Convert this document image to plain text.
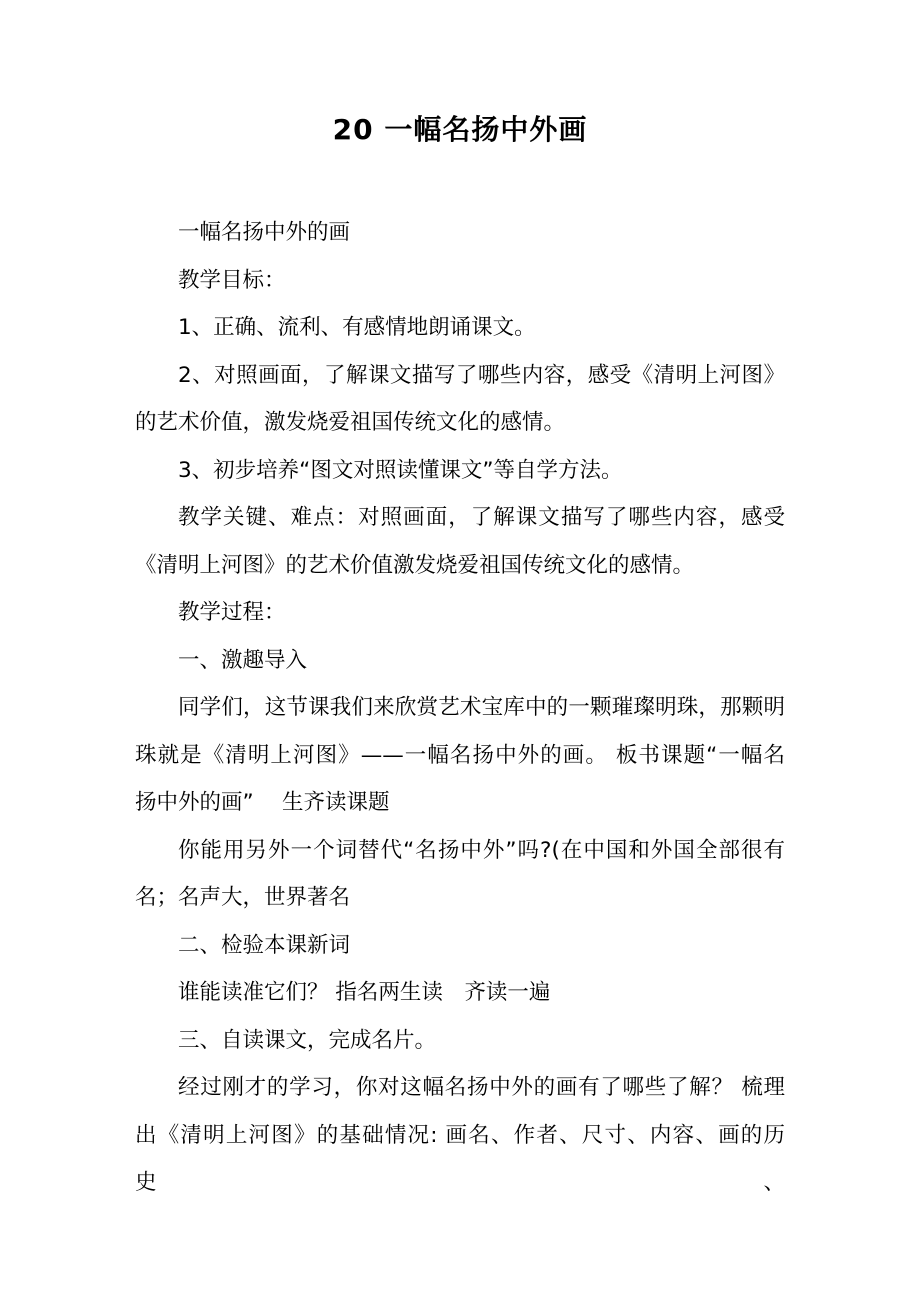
20 一幅名扬中外画
一幅名扬中外的画
教学目标：
1、正确、流利、有感情地朗诵课文。
2、对照画面，了解课文描写了哪些内容，感受《清明上河图》
的艺术价值，激发烧爱祖国传统文化的感情。
3、初步培养“图文对照读懂课文”等自学方法。
教学关键、难点：对照画面，了解课文描写了哪些内容，感受
《清明上河图》的艺术价值激发烧爱祖国传统文化的感情。
教学过程：
一、激趣导入
同学们，这节课我们来欣赏艺术宝库中的一颗璀璨明珠，那颗明
珠就是《清明上河图》——一幅名扬中外的画。 板书课题“一幅名
扬中外的画”　 生齐读课题
你能用另外一个词替代“名扬中外”吗?(在中国和外国全部很有
名；名声大，世界著名
二、检验本课新词
谁能读准它们？ 指名两生读　齐读一遍
三、自读课文，完成名片。
经过刚才的学习，你对这幅名扬中外的画有了哪些了解？ 梳理
出《清明上河图》的基础情况: 画名、作者、尺寸、内容、画的历史、
